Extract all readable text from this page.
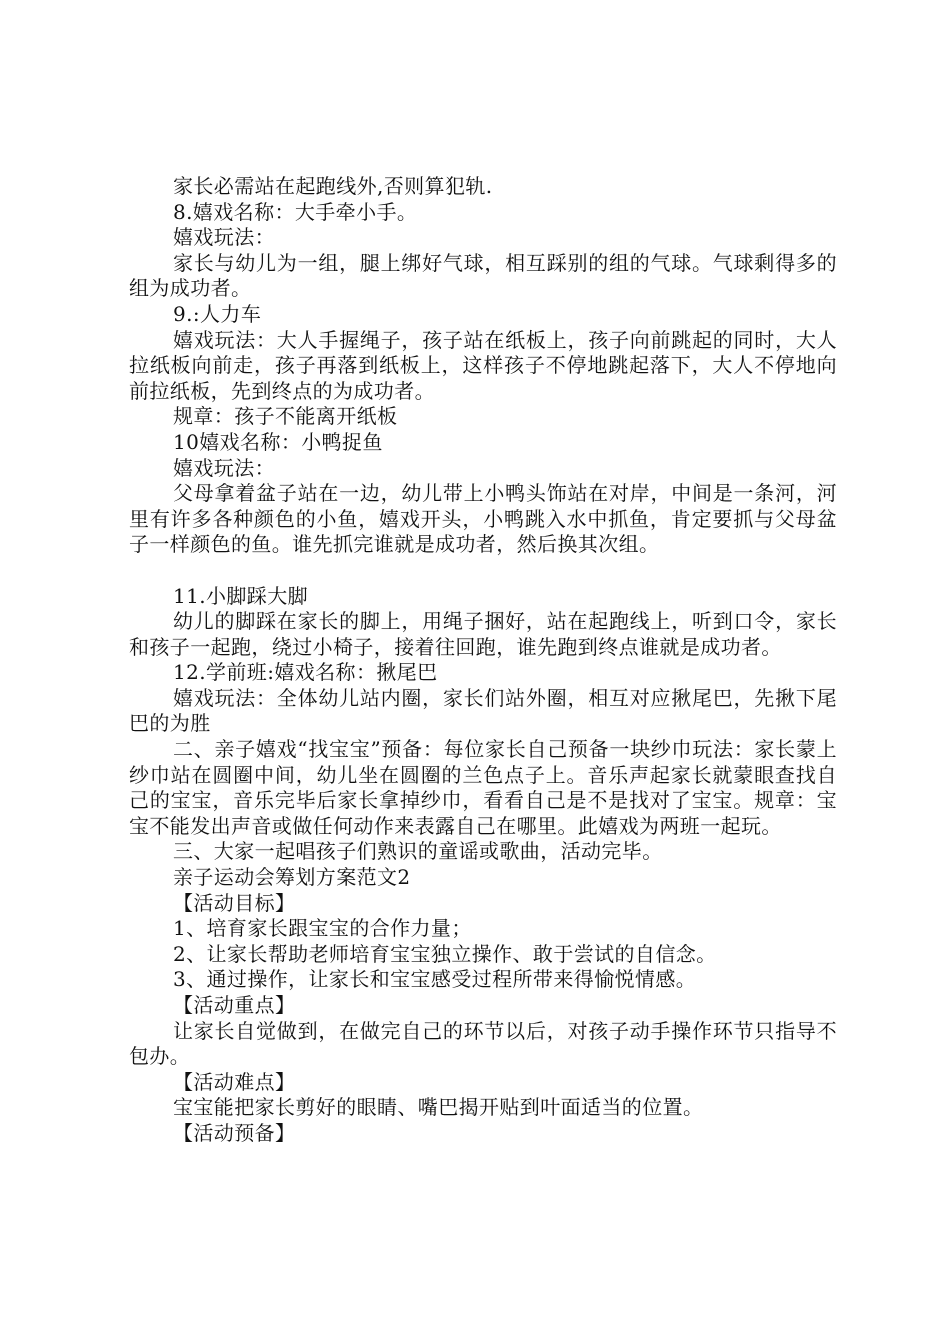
家长必需站在起跑线外,否则算犯轨.

8.嬉戏名称：大手牵小手。

嬉戏玩法：

家长与幼儿为一组，腿上绑好气球，相互踩别的组的气球。气球剩得多的组为成功者。

9.:人力车

嬉戏玩法：大人手握绳子，孩子站在纸板上，孩子向前跳起的同时，大人拉纸板向前走，孩子再落到纸板上，这样孩子不停地跳起落下，大人不停地向前拉纸板，先到终点的为成功者。

规章：孩子不能离开纸板

10嬉戏名称：小鸭捉鱼

嬉戏玩法：

父母拿着盆子站在一边，幼儿带上小鸭头饰站在对岸，中间是一条河，河里有许多各种颜色的小鱼，嬉戏开头，小鸭跳入水中抓鱼，肯定要抓与父母盆子一样颜色的鱼。谁先抓完谁就是成功者，然后换其次组。

11.小脚踩大脚

幼儿的脚踩在家长的脚上，用绳子捆好，站在起跑线上，听到口令，家长和孩子一起跑，绕过小椅子，接着往回跑，谁先跑到终点谁就是成功者。

12.学前班:嬉戏名称：揪尾巴

嬉戏玩法：全体幼儿站内圈，家长们站外圈，相互对应揪尾巴，先揪下尾巴的为胜

二、亲子嬉戏“找宝宝”预备：每位家长自己预备一块纱巾玩法：家长蒙上纱巾站在圆圈中间，幼儿坐在圆圈的兰色点子上。音乐声起家长就蒙眼查找自己的宝宝，音乐完毕后家长拿掉纱巾，看看自己是不是找对了宝宝。规章：宝宝不能发出声音或做任何动作来表露自己在哪里。此嬉戏为两班一起玩。

三、大家一起唱孩子们熟识的童谣或歌曲，活动完毕。

亲子运动会筹划方案范文2

【活动目标】

1、培育家长跟宝宝的合作力量；

2、让家长帮助老师培育宝宝独立操作、敢于尝试的自信念。

3、通过操作，让家长和宝宝感受过程所带来得愉悦情感。

【活动重点】

让家长自觉做到，在做完自己的环节以后，对孩子动手操作环节只指导不包办。

【活动难点】

宝宝能把家长剪好的眼睛、嘴巴揭开贴到叶面适当的位置。

【活动预备】
